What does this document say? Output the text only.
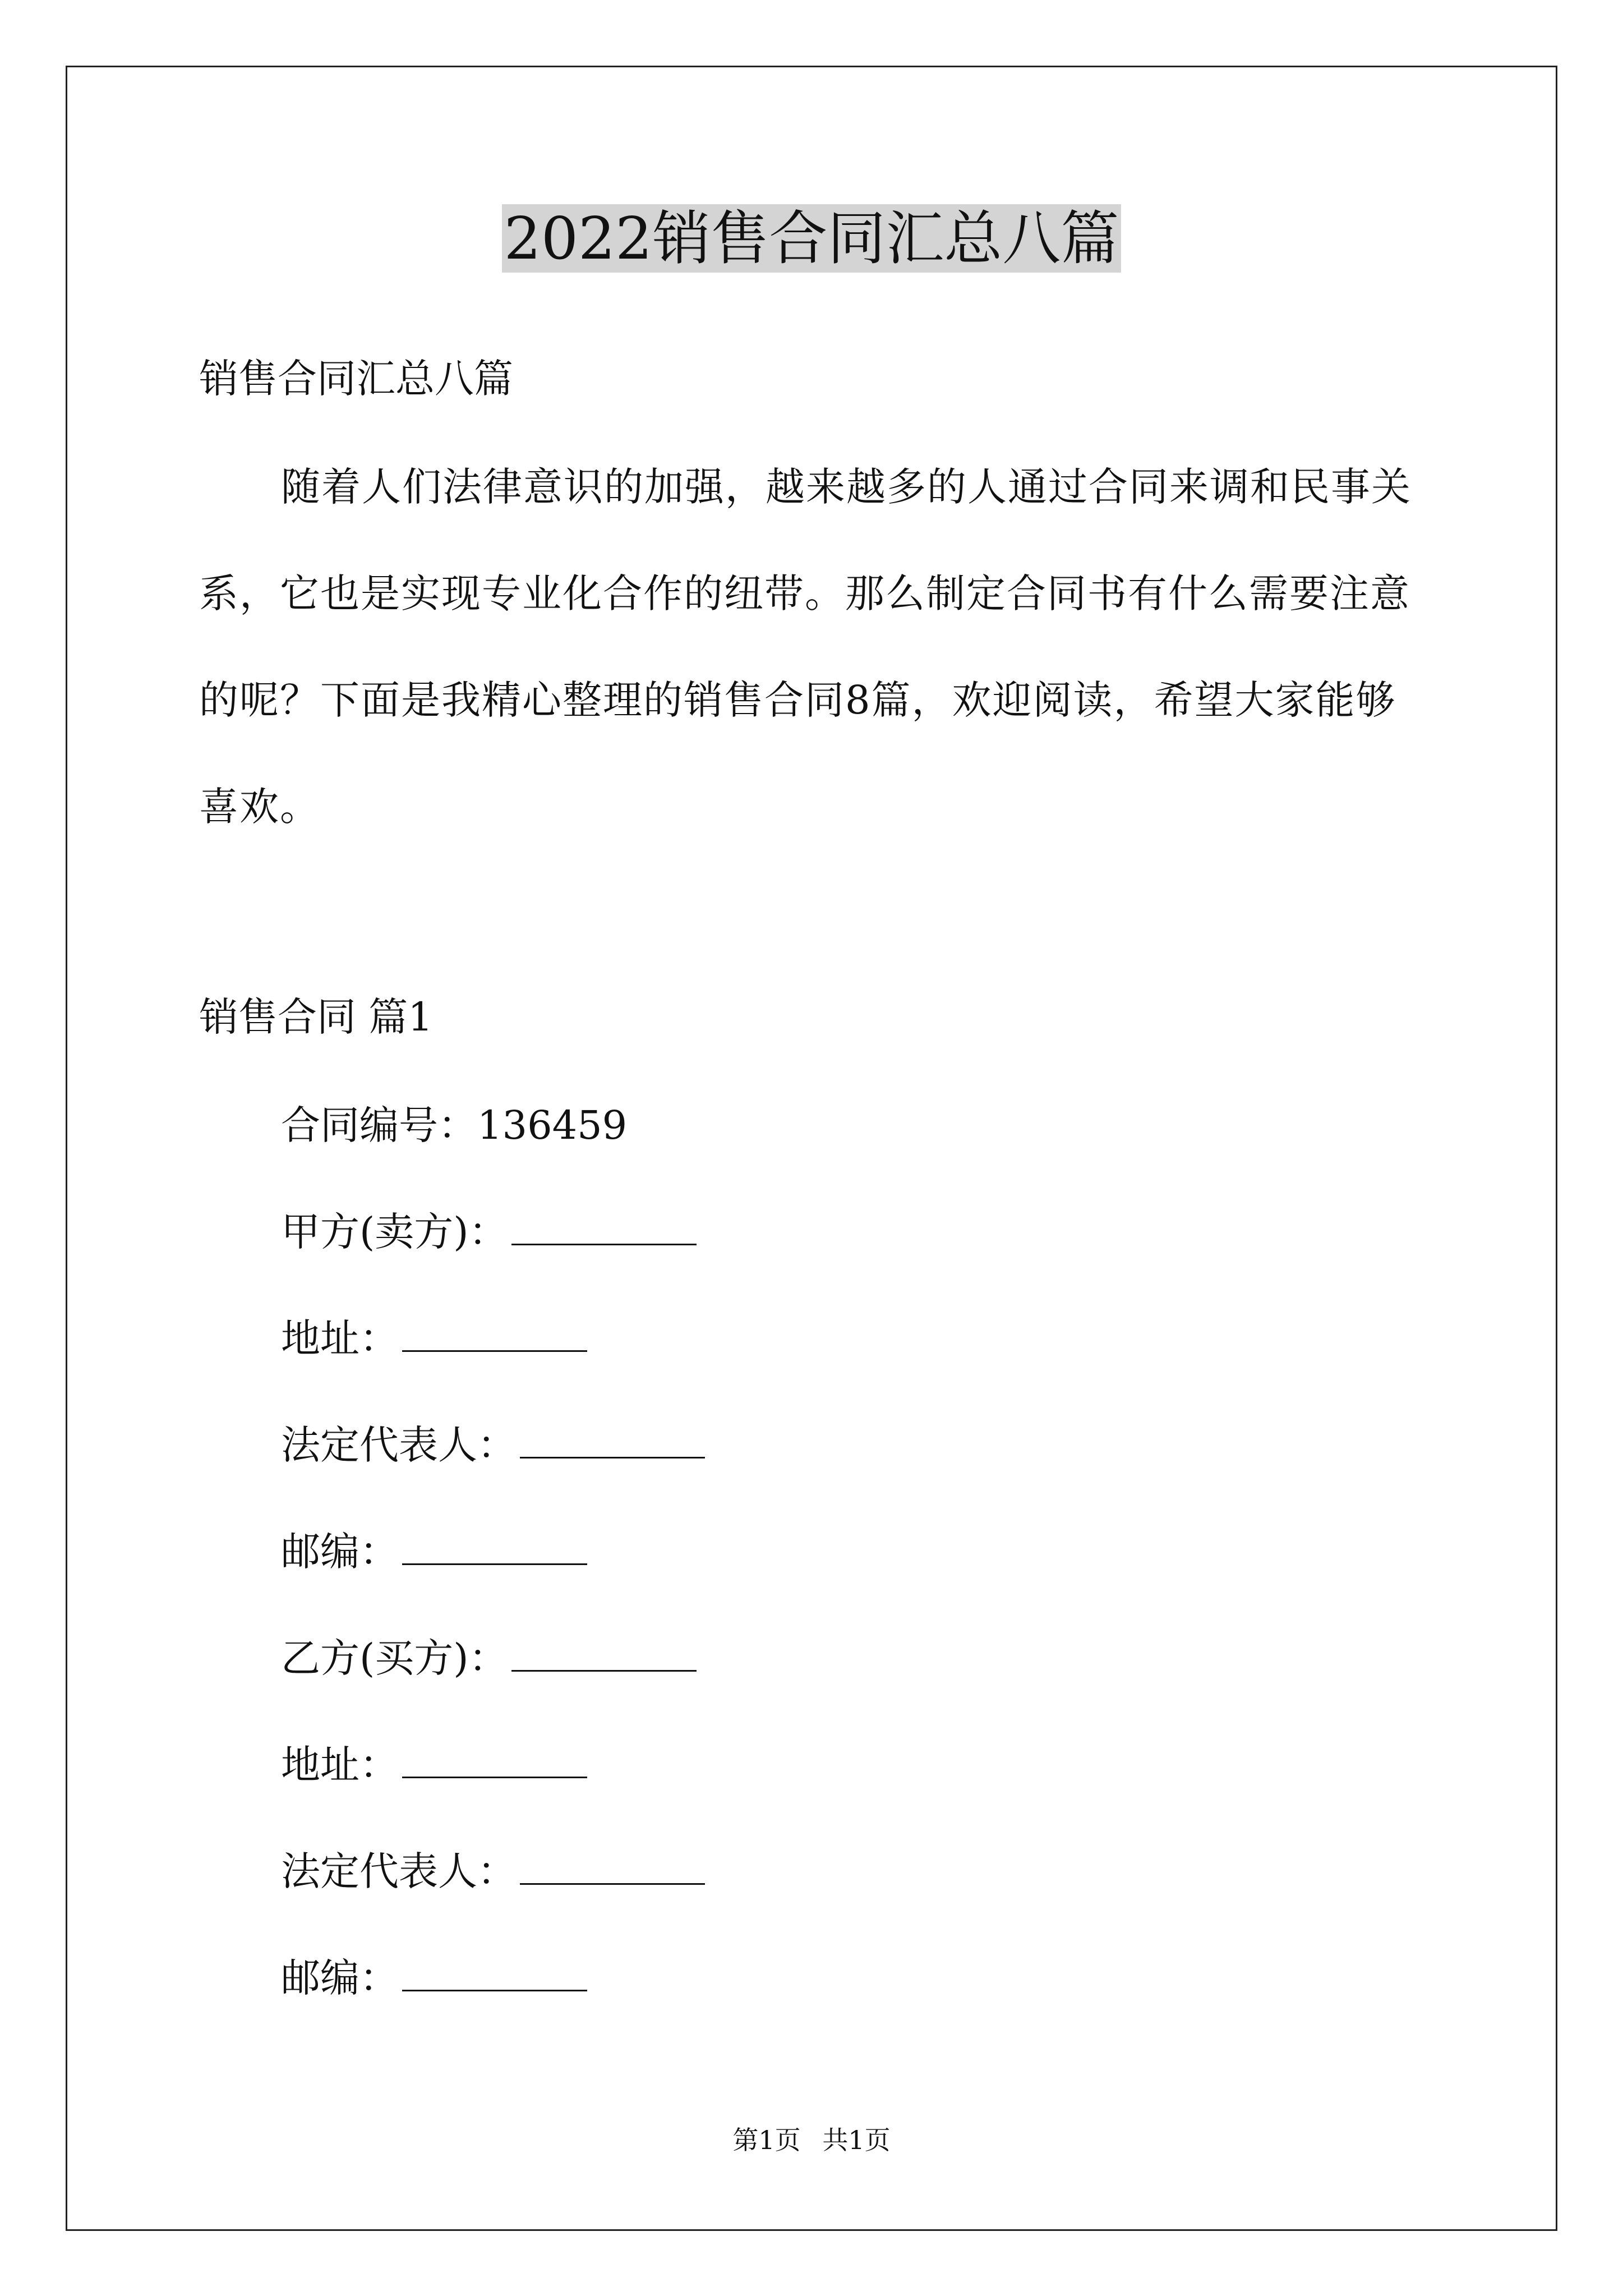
2022销售合同汇总八篇
销售合同汇总八篇
随着人们法律意识的加强，越来越多的人通过合同来调和民事关
系，它也是实现专业化合作的纽带。那么制定合同书有什么需要注意
的呢？下面是我精心整理的销售合同8篇，欢迎阅读，希望大家能够
喜欢。
销售合同 篇1
合同编号：136459
甲方(卖方)：
地址：
法定代表人：
邮编：
乙方(买方)：
地址：
法定代表人：
邮编：
第1页 共1页
